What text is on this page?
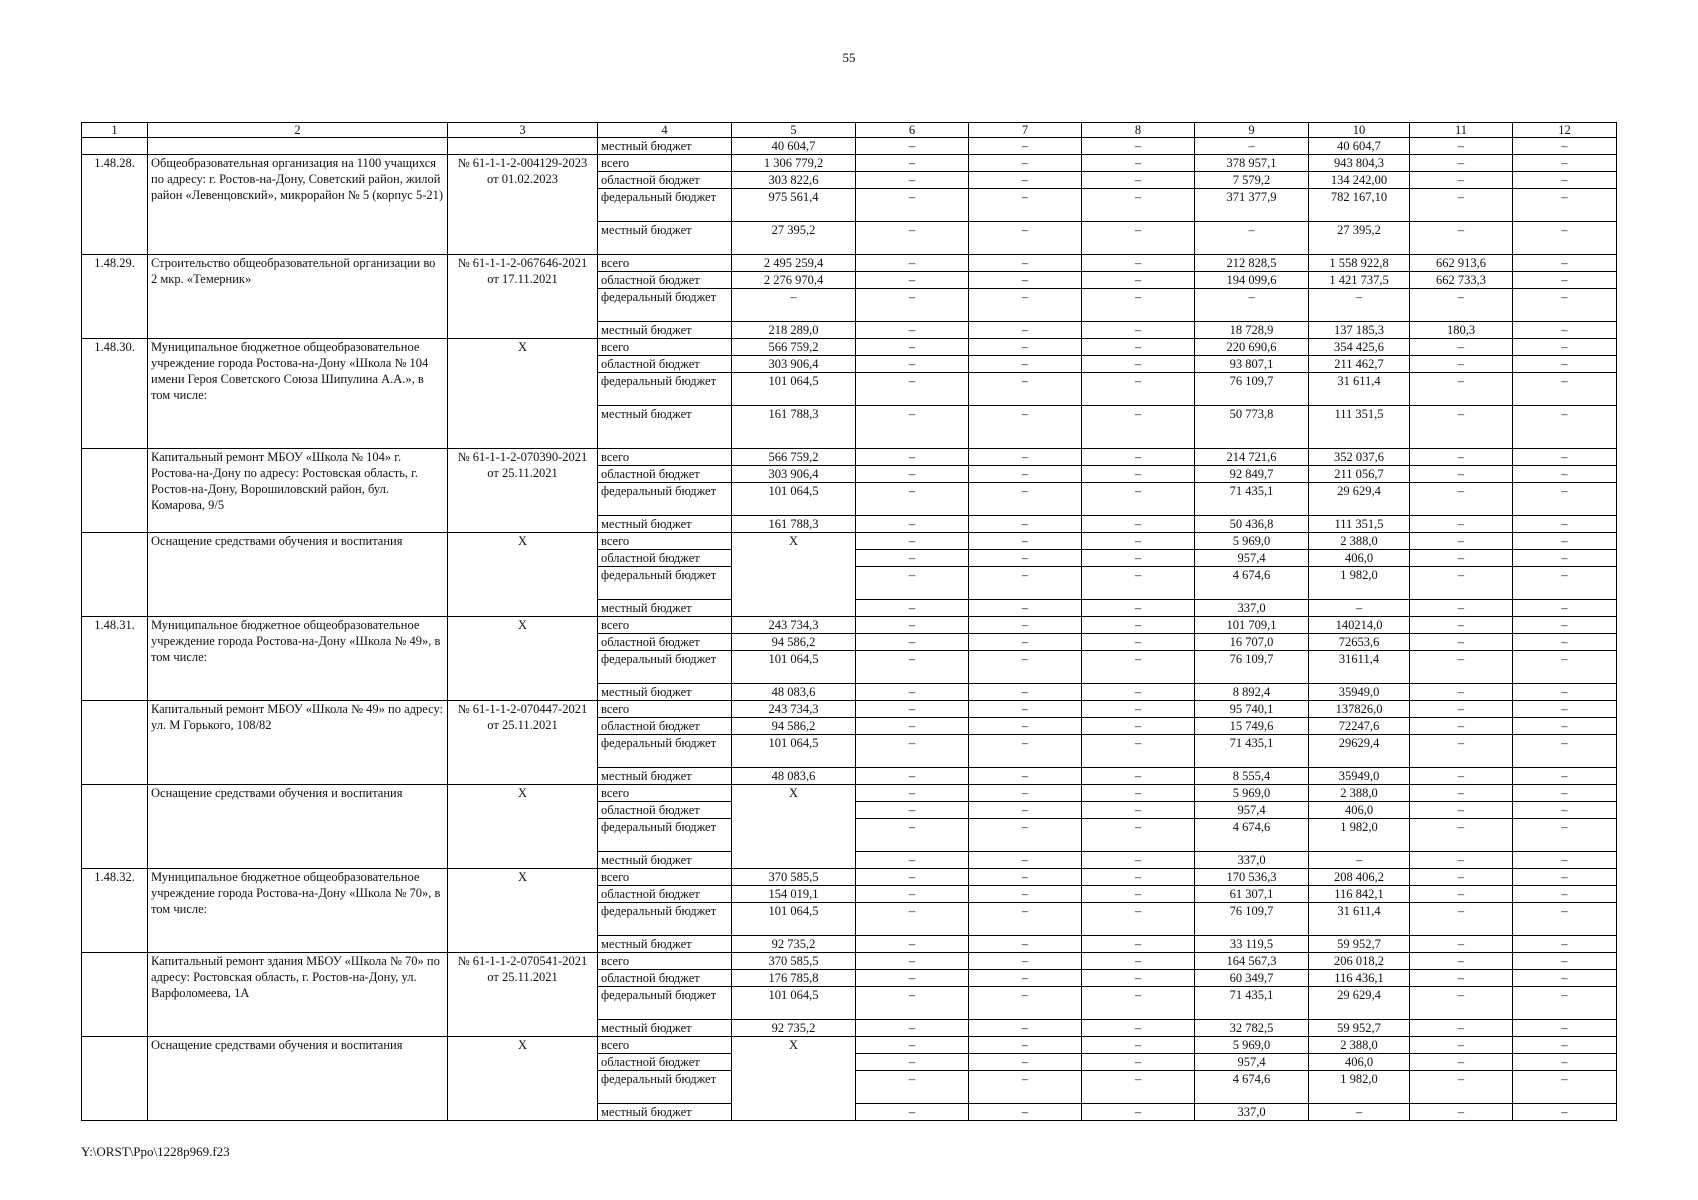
55
1	2	3	4	5	6	7	8	9	10	11	12
			местный бюджет	40 604,7	–	–	–	–	40 604,7	–	–
1.48.28.	Общеобразовательная организация на 1100 учащихся по адресу: г. Ростов-на-Дону, Советский район, жилой район «Левенцовский», микрорайон № 5 (корпус 5-21)	№ 61-1-1-2-004129-2023 от 01.02.2023	всего	1 306 779,2	–	–	–	378 957,1	943 804,3	–	–
			областной бюджет	303 822,6	–	–	–	7 579,2	134 242,00	–	–
			федеральный бюджет	975 561,4	–	–	–	371 377,9	782 167,10	–	–
			местный бюджет	27 395,2	–	–	–	–	27 395,2	–	–
1.48.29.	Строительство общеобразовательной организации во 2 мкр. «Темерник»	№ 61-1-1-2-067646-2021 от 17.11.2021	всего	2 495 259,4	–	–	–	212 828,5	1 558 922,8	662 913,6	–
			областной бюджет	2 276 970,4	–	–	–	194 099,6	1 421 737,5	662 733,3	–
			федеральный бюджет	–	–	–	–	–	–	–	–
			местный бюджет	218 289,0	–	–	–	18 728,9	137 185,3	180,3	–
1.48.30.	Муниципальное бюджетное общеобразовательное учреждение города Ростова-на-Дону «Школа № 104 имени Героя Советского Союза Шипулина А.А.», в том числе:	X	всего	566 759,2	–	–	–	220 690,6	354 425,6	–	–
			областной бюджет	303 906,4	–	–	–	93 807,1	211 462,7	–	–
			федеральный бюджет	101 064,5	–	–	–	76 109,7	31 611,4	–	–
			местный бюджет	161 788,3	–	–	–	50 773,8	111 351,5	–	–
	Капитальный ремонт МБОУ «Школа № 104» г. Ростова-на-Дону по адресу: Ростовская область, г. Ростов-на-Дону, Ворошиловский район, бул. Комарова, 9/5	№ 61-1-1-2-070390-2021 от 25.11.2021	всего	566 759,2	–	–	–	214 721,6	352 037,6	–	–
			областной бюджет	303 906,4	–	–	–	92 849,7	211 056,7	–	–
			федеральный бюджет	101 064,5	–	–	–	71 435,1	29 629,4	–	–
			местный бюджет	161 788,3	–	–	–	50 436,8	111 351,5	–	–
	Оснащение средствами обучения и воспитания	X	всего	X	–	–	–	5 969,0	2 388,0	–	–
			областной бюджет		–	–	–	957,4	406,0	–	–
			федеральный бюджет		–	–	–	4 674,6	1 982,0	–	–
			местный бюджет		–	–	–	337,0	–	–	–
1.48.31.	Муниципальное бюджетное общеобразовательное учреждение города Ростова-на-Дону «Школа № 49», в том числе:	X	всего	243 734,3	–	–	–	101 709,1	140214,0	–	–
			областной бюджет	94 586,2	–	–	–	16 707,0	72653,6	–	–
			федеральный бюджет	101 064,5	–	–	–	76 109,7	31611,4	–	–
			местный бюджет	48 083,6	–	–	–	8 892,4	35949,0	–	–
	Капитальный ремонт МБОУ «Школа № 49» по адресу: ул. М Горького, 108/82	№ 61-1-1-2-070447-2021 от 25.11.2021	всего	243 734,3	–	–	–	95 740,1	137826,0	–	–
			областной бюджет	94 586,2	–	–	–	15 749,6	72247,6	–	–
			федеральный бюджет	101 064,5	–	–	–	71 435,1	29629,4	–	–
			местный бюджет	48 083,6	–	–	–	8 555,4	35949,0	–	–
	Оснащение средствами обучения и воспитания	X	всего	X	–	–	–	5 969,0	2 388,0	–	–
			областной бюджет		–	–	–	957,4	406,0	–	–
			федеральный бюджет		–	–	–	4 674,6	1 982,0	–	–
			местный бюджет		–	–	–	337,0	–	–	–
1.48.32.	Муниципальное бюджетное общеобразовательное учреждение города Ростова-на-Дону «Школа № 70», в том числе:	X	всего	370 585,5	–	–	–	170 536,3	208 406,2	–	–
			областной бюджет	154 019,1	–	–	–	61 307,1	116 842,1	–	–
			федеральный бюджет	101 064,5	–	–	–	76 109,7	31 611,4	–	–
			местный бюджет	92 735,2	–	–	–	33 119,5	59 952,7	–	–
	Капитальный ремонт здания МБОУ «Школа № 70» по адресу: Ростовская область, г. Ростов-на-Дону, ул. Варфоломеева, 1А	№ 61-1-1-2-070541-2021 от 25.11.2021	всего	370 585,5	–	–	–	164 567,3	206 018,2	–	–
			областной бюджет	176 785,8	–	–	–	60 349,7	116 436,1	–	–
			федеральный бюджет	101 064,5	–	–	–	71 435,1	29 629,4	–	–
			местный бюджет	92 735,2	–	–	–	32 782,5	59 952,7	–	–
	Оснащение средствами обучения и воспитания	X	всего	X	–	–	–	5 969,0	2 388,0	–	–
			областной бюджет		–	–	–	957,4	406,0	–	–
			федеральный бюджет		–	–	–	4 674,6	1 982,0	–	–
			местный бюджет		–	–	–	337,0	–	–	–
Y:\ORST\Ppo\1228p969.f23
